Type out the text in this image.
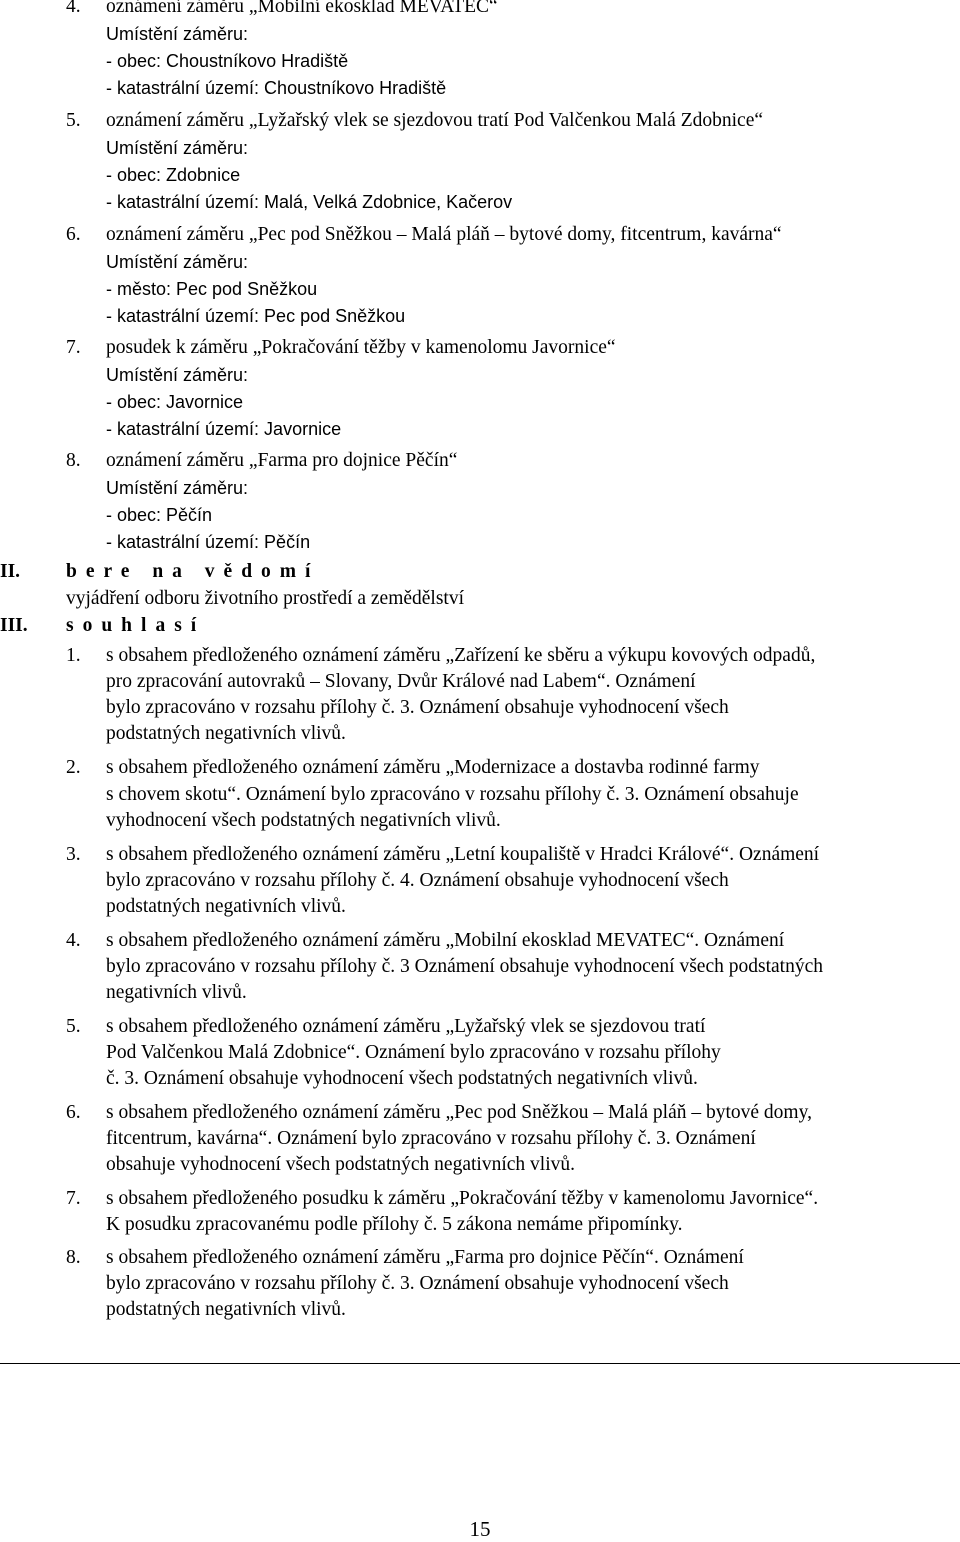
4. oznámení záměru „Mobilní ekosklad MEVATEC“
Umístění záměru:
- obec: Choustníkovo Hradiště
- katastrální území: Choustníkovo Hradiště
5. oznámení záměru „Lyžařský vlek se sjezdovou tratí Pod Valčenkou Malá Zdobnice“
Umístění záměru:
- obec: Zdobnice
- katastrální území: Malá, Velká Zdobnice, Kačerov
6. oznámení záměru „Pec pod Sněžkou – Malá pláň – bytové domy, fitcentrum, kavárna“
Umístění záměru:
- město: Pec pod Sněžkou
- katastrální území: Pec pod Sněžkou
7. posudek k záměru „Pokračování těžby v kamenolomu Javornice“
Umístění záměru:
- obec: Javornice
- katastrální území: Javornice
8. oznámení záměru „Farma pro dojnice Pěčín“
Umístění záměru:
- obec: Pěčín
- katastrální území: Pěčín
II. bere na vědomí
vyjádření odboru životního prostředí a zemědělství
III. souhlasí
1. s obsahem předloženého oznámení záměru „Zařízení ke sběru a výkupu kovových odpadů,
pro zpracování autovraků – Slovany, Dvůr Králové nad Labem“. Oznámení
bylo zpracováno v rozsahu přílohy č. 3. Oznámení obsahuje vyhodnocení všech
podstatných negativních vlivů.
2. s obsahem předloženého oznámení záměru „Modernizace a dostavba rodinné farmy
s chovem skotu“. Oznámení bylo zpracováno v rozsahu přílohy č. 3. Oznámení obsahuje
vyhodnocení všech podstatných negativních vlivů.
3. s obsahem předloženého oznámení záměru „Letní koupaliště v Hradci Králové“. Oznámení
bylo zpracováno v rozsahu přílohy č. 4. Oznámení obsahuje vyhodnocení všech
podstatných negativních vlivů.
4. s obsahem předloženého oznámení záměru „Mobilní ekosklad MEVATEC“. Oznámení
bylo zpracováno v rozsahu přílohy č. 3 Oznámení obsahuje vyhodnocení všech podstatných
negativních vlivů.
5. s obsahem předloženého oznámení záměru „Lyžařský vlek se sjezdovou tratí
Pod Valčenkou Malá Zdobnice“. Oznámení bylo zpracováno v rozsahu přílohy
č. 3. Oznámení obsahuje vyhodnocení všech podstatných negativních vlivů.
6. s obsahem předloženého oznámení záměru „Pec pod Sněžkou – Malá pláň – bytové domy,
fitcentrum, kavárna“. Oznámení bylo zpracováno v rozsahu přílohy č. 3. Oznámení
obsahuje vyhodnocení všech podstatných negativních vlivů.
7. s obsahem předloženého posudku k záměru „Pokračování těžby v kamenolomu Javornice“.
K posudku zpracovanému podle přílohy č. 5 zákona nemáme připomínky.
8. s obsahem předloženého oznámení záměru „Farma pro dojnice Pěčín“. Oznámení
bylo zpracováno v rozsahu přílohy č. 3. Oznámení obsahuje vyhodnocení všech
podstatných negativních vlivů.
15
